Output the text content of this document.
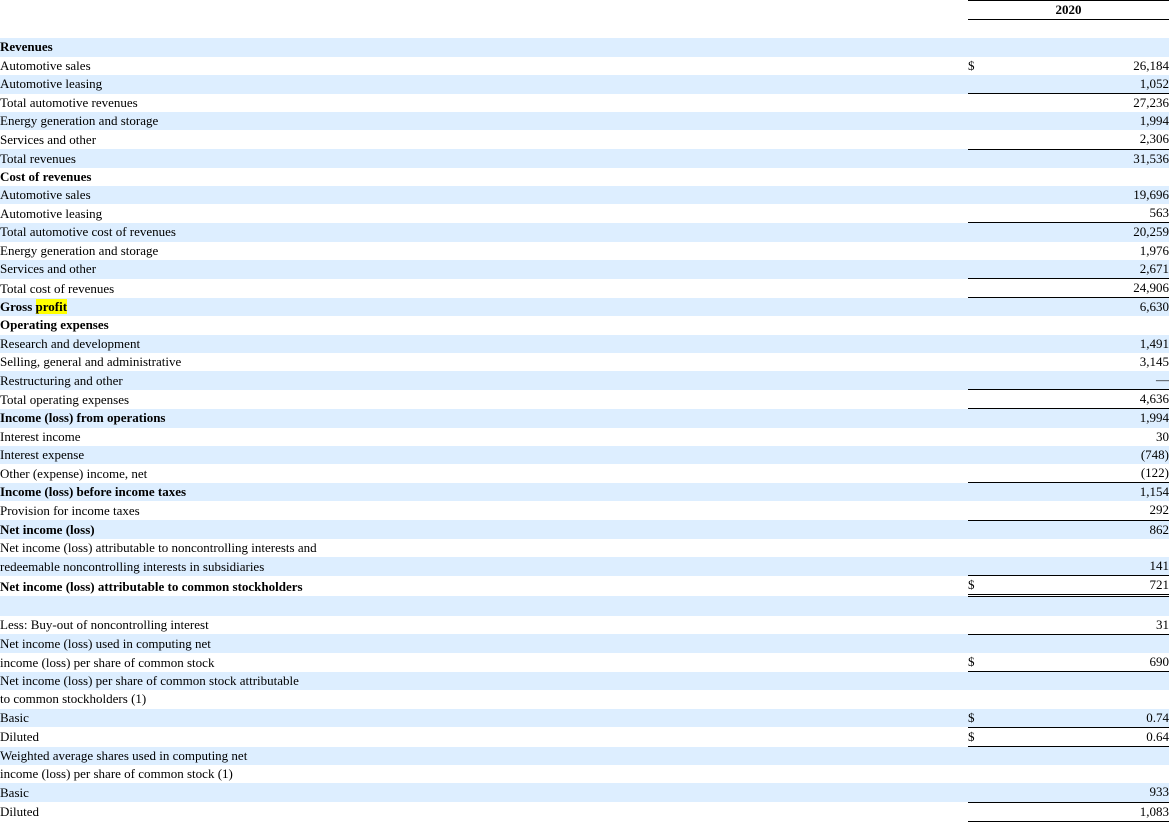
	2020	

Revenues		
Automotive sales	$	26,184
Automotive leasing		1,052
Total automotive revenues		27,236
Energy generation and storage		1,994
Services and other		2,306
Total revenues		31,536
Cost of revenues		
Automotive sales		19,696
Automotive leasing		563
Total automotive cost of revenues		20,259
Energy generation and storage		1,976
Services and other		2,671
Total cost of revenues		24,906
Gross profit		6,630
Operating expenses		
Research and development		1,491
Selling, general and administrative		3,145
Restructuring and other		—
Total operating expenses		4,636
Income (loss) from operations		1,994
Interest income		30
Interest expense		(748)
Other (expense) income, net		(122)
Income (loss) before income taxes		1,154
Provision for income taxes		292
Net income (loss)		862
Net income (loss) attributable to noncontrolling interests and		
redeemable noncontrolling interests in subsidiaries		141
Net income (loss) attributable to common stockholders	$	721

Less: Buy-out of noncontrolling interest		31
Net income (loss) used in computing net		
income (loss) per share of common stock	$	690
Net income (loss) per share of common stock attributable		
to common stockholders (1)		
Basic	$	0.74
Diluted	$	0.64
Weighted average shares used in computing net		
income (loss) per share of common stock (1)		
Basic		933
Diluted		1,083
